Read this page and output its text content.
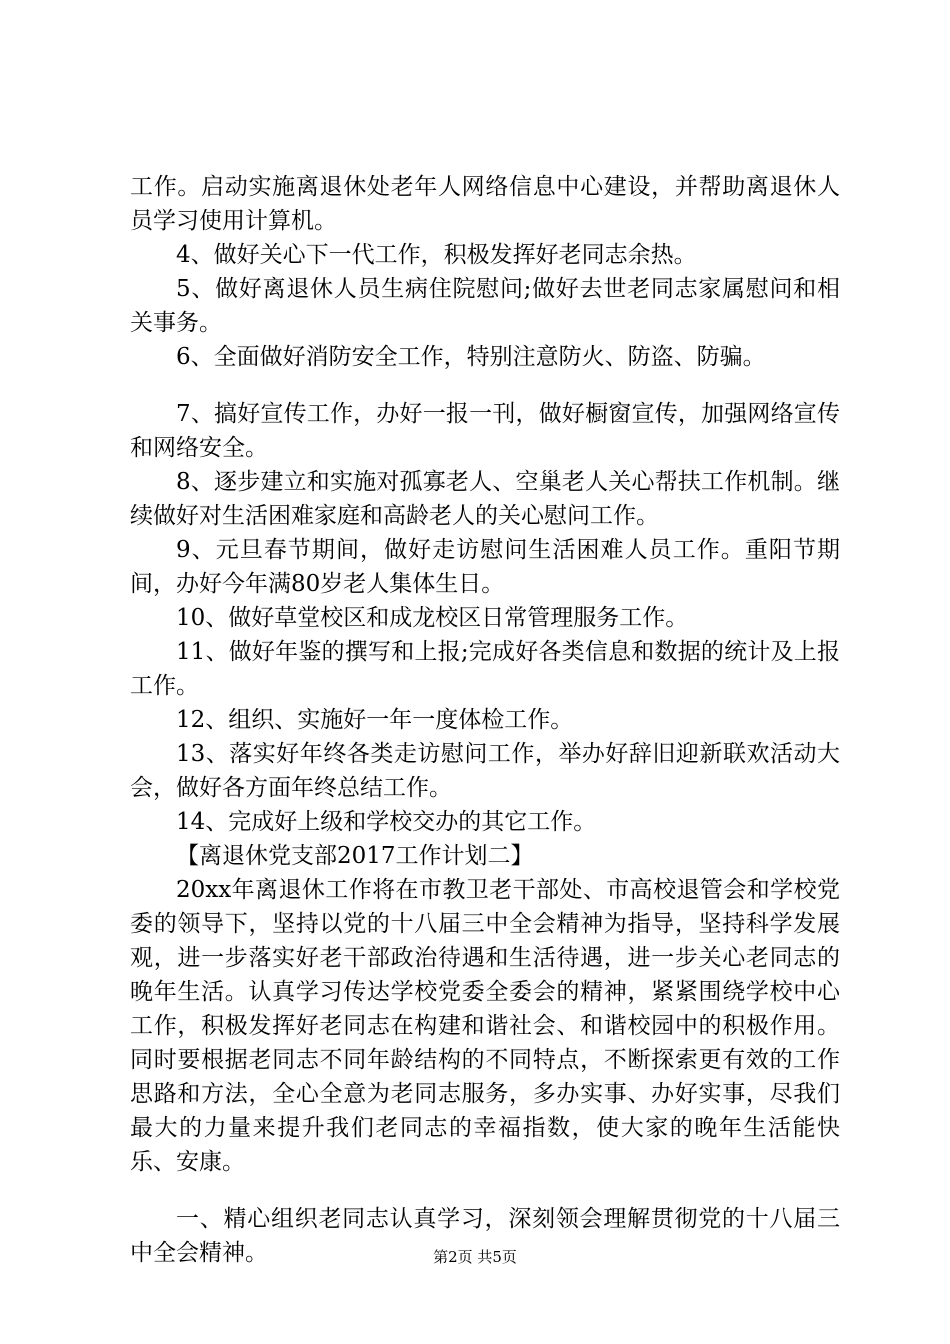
工作。启动实施离退休处老年人网络信息中心建设，并帮助离退休人员学习使用计算机。

4、做好关心下一代工作，积极发挥好老同志余热。

5、做好离退休人员生病住院慰问;做好去世老同志家属慰问和相关事务。

6、全面做好消防安全工作，特别注意防火、防盗、防骗。

7、搞好宣传工作，办好一报一刊，做好橱窗宣传，加强网络宣传和网络安全。

8、逐步建立和实施对孤寡老人、空巢老人关心帮扶工作机制。继续做好对生活困难家庭和高龄老人的关心慰问工作。

9、元旦春节期间，做好走访慰问生活困难人员工作。重阳节期间，办好今年满80岁老人集体生日。

10、做好草堂校区和成龙校区日常管理服务工作。

11、做好年鉴的撰写和上报;完成好各类信息和数据的统计及上报工作。

12、组织、实施好一年一度体检工作。

13、落实好年终各类走访慰问工作，举办好辞旧迎新联欢活动大会，做好各方面年终总结工作。

14、完成好上级和学校交办的其它工作。

【离退休党支部2017工作计划二】

20xx年离退休工作将在市教卫老干部处、市高校退管会和学校党委的领导下，坚持以党的十八届三中全会精神为指导，坚持科学发展观，进一步落实好老干部政治待遇和生活待遇，进一步关心老同志的晚年生活。认真学习传达学校党委全委会的精神，紧紧围绕学校中心工作，积极发挥好老同志在构建和谐社会、和谐校园中的积极作用。同时要根据老同志不同年龄结构的不同特点，不断探索更有效的工作思路和方法，全心全意为老同志服务，多办实事、办好实事，尽我们最大的力量来提升我们老同志的幸福指数，使大家的晚年生活能快乐、安康。

一、精心组织老同志认真学习，深刻领会理解贯彻党的十八届三中全会精神。	第2页 共5页
